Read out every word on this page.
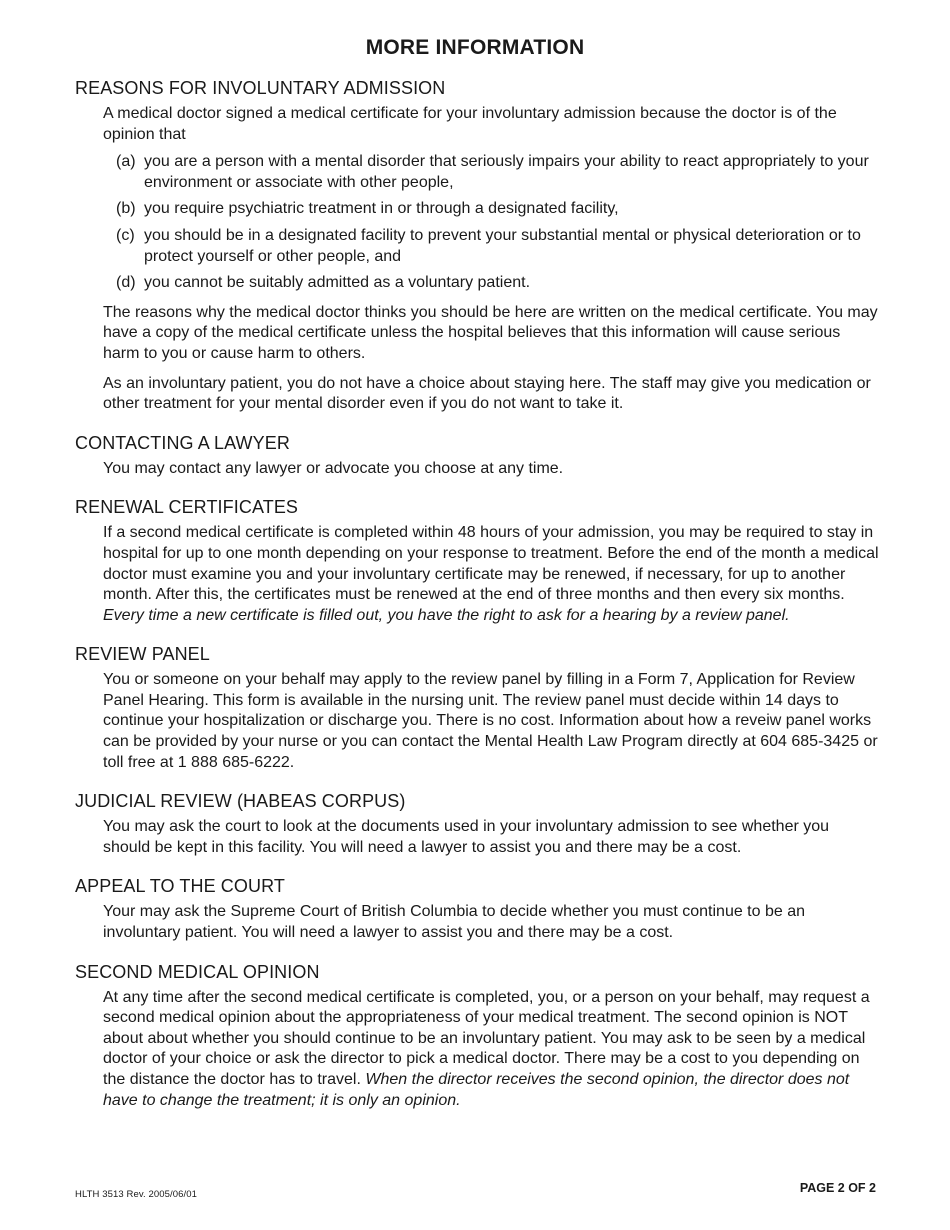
MORE INFORMATION
REASONS FOR INVOLUNTARY ADMISSION

A medical doctor signed a medical certificate for your involuntary admission because the doctor is of the opinion that

(a) you are a person with a mental disorder that seriously impairs your ability to react appropriately to your environment or associate with other people,
(b) you require psychiatric treatment in or through a designated facility,
(c) you should be in a designated facility to prevent your substantial mental or physical deterioration or to protect yourself or other people, and
(d) you cannot be suitably admitted as a voluntary patient.

The reasons why the medical doctor thinks you should be here are written on the medical certificate. You may have a copy of the medical certificate unless the hospital believes that this information will cause serious harm to you or cause harm to others.

As an involuntary patient, you do not have a choice about staying here. The staff may give you medication or other treatment for your mental disorder even if you do not want to take it.

CONTACTING A LAWYER

You may contact any lawyer or advocate you choose at any time.

RENEWAL CERTIFICATES

If a second medical certificate is completed within 48 hours of your admission, you may be required to stay in hospital for up to one month depending on your response to treatment. Before the end of the month a medical doctor must examine you and your involuntary certificate may be renewed, if necessary, for up to another month. After this, the certificates must be renewed at the end of three months and then every six months. Every time a new certificate is filled out, you have the right to ask for a hearing by a review panel.

REVIEW PANEL

You or someone on your behalf may apply to the review panel by filling in a Form 7, Application for Review Panel Hearing. This form is available in the nursing unit. The review panel must decide within 14 days to continue your hospitalization or discharge you. There is no cost. Information about how a reveiw panel works can be provided by your nurse or you can contact the Mental Health Law Program directly at 604 685-3425 or toll free at 1 888 685-6222.

JUDICIAL REVIEW (HABEAS CORPUS)

You may ask the court to look at the documents used in your involuntary admission to see whether you should be kept in this facility. You will need a lawyer to assist you and there may be a cost.

APPEAL TO THE COURT

Your may ask the Supreme Court of British Columbia to decide whether you must continue to be an involuntary patient. You will need a lawyer to assist you and there may be a cost.

SECOND MEDICAL OPINION

At any time after the second medical certificate is completed, you, or a person on your behalf, may request a second medical opinion about the appropriateness of your medical treatment. The second opinion is NOT about about whether you should continue to be an involuntary patient. You may ask to be seen by a medical doctor of your choice or ask the director to pick a medical doctor. There may be a cost to you depending on the distance the doctor has to travel. When the director receives the second opinion, the director does not have to change the treatment; it is only an opinion.

HLTH 3513 Rev. 2005/06/01	PAGE 2 OF 2
